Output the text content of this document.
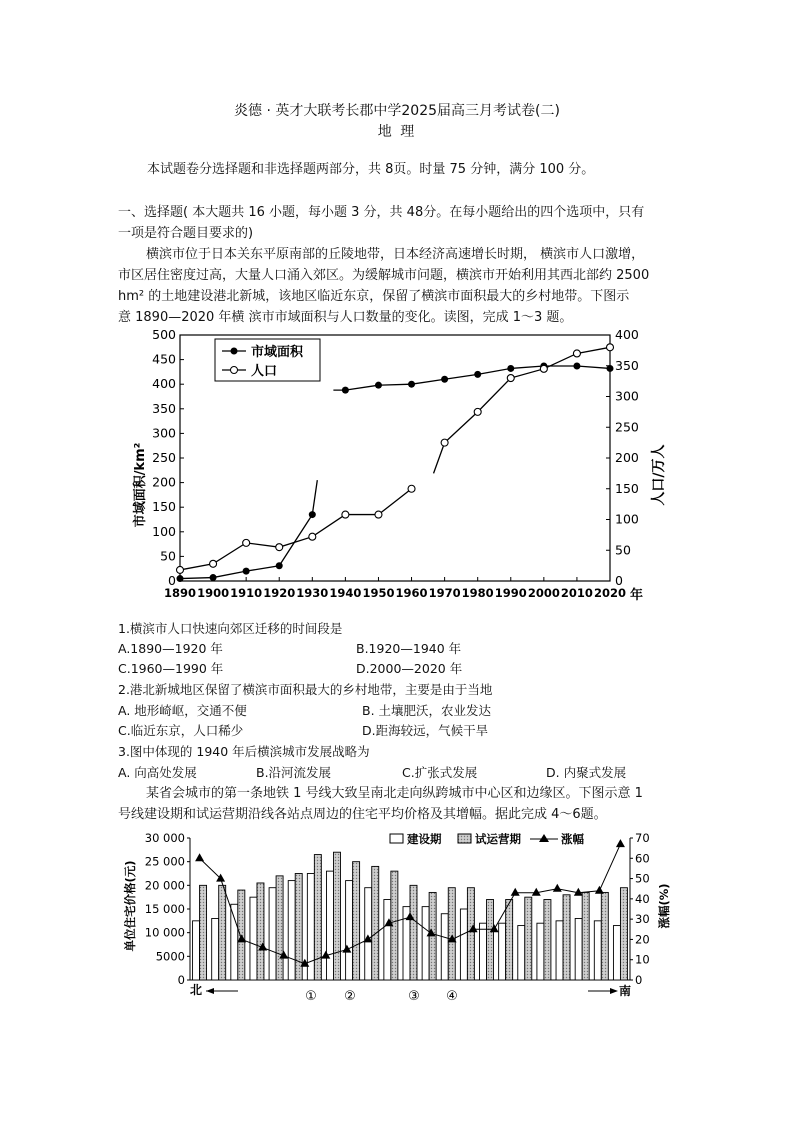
炎德 · 英才大联考长郡中学2025届高三月考试卷(二)
地 理
本试题卷分选择题和非选择题两部分，共 8页。时量 75 分钟，满分 100 分。
一、选择题( 本大题共 16 小题，每小题 3 分，共 48分。在每小题给出的四个选项中，只有
一项是符合题目要求的)
横滨市位于日本关东平原南部的丘陵地带，日本经济高速增长时期， 横滨市人口激增，
市区居住密度过高，大量人口涌入郊区。为缓解城市问题，横滨市开始利用其西北部约 2500
hm² 的土地建设港北新城，该地区临近东京，保留了横滨市面积最大的乡村地带。下图示
意 1890—2020 年横 滨市市域面积与人口数量的变化。读图，完成 1～3 题。
0
50
100
150
200
250
300
350
400
450
500
0
50
100
150
200
250
300
350
400
1890 1900 1910 1920 1930 1940 1950 1960 1970 1980 1990 2000 2010 2020
市域面积
人口
市域面积/km²	人口/万人
年
1.横滨市人口快速向郊区迁移的时间段是
A.1890—1920 年	B.1920—1940 年
C.1960—1990 年	D.2000—2020 年
2.港北新城地区保留了横滨市面积最大的乡村地带，主要是由于当地
A. 地形崎岖，交通不便	B. 土壤肥沃，农业发达
C.临近东京，人口稀少	D.距海较远，气候干旱
3.图中体现的 1940 年后横滨城市发展战略为
A. 向高处发展	B.沿河流发展	C.扩张式发展	D. 内聚式发展
某省会城市的第一条地铁 1 号线大致呈南北走向纵跨城市中心区和边缘区。下图示意 1
号线建设期和试运营期沿线各站点周边的住宅平均价格及其增幅。据此完成 4～6题。
0
5000
10 000
15 000
20 000
25 000
30 000
0
10
20
30
40
50
60
70
建设期	试运营期	涨幅
单位住宅价格(元)	涨幅(%)
北	南
① ②	③ ④
